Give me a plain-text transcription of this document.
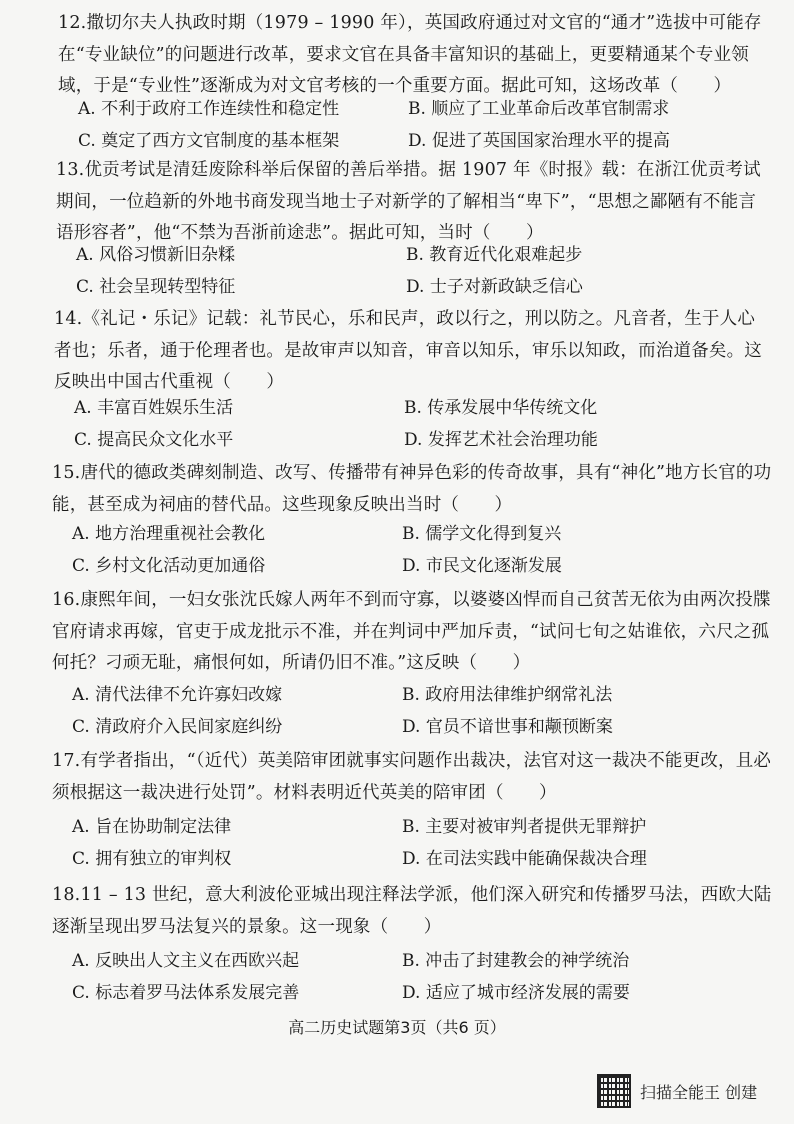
12.撒切尔夫人执政时期（1979 – 1990 年），英国政府通过对文官的“通才”选拔中可能存在“专业缺位”的问题进行改革，要求文官在具备丰富知识的基础上，更要精通某个专业领域，于是“专业性”逐渐成为对文官考核的一个重要方面。据此可知，这场改革（　　）
A. 不利于政府工作连续性和稳定性	B. 顺应了工业革命后改革官制需求
C. 奠定了西方文官制度的基本框架	D. 促进了英国国家治理水平的提高
13.优贡考试是清廷废除科举后保留的善后举措。据 1907 年《时报》载：在浙江优贡考试期间，一位趋新的外地书商发现当地士子对新学的了解相当“卑下”，“思想之鄙陋有不能言语形容者”，他“不禁为吾浙前途悲”。据此可知，当时（　　）
A. 风俗习惯新旧杂糅	B. 教育近代化艰难起步
C. 社会呈现转型特征	D. 士子对新政缺乏信心
14.《礼记・乐记》记载：礼节民心，乐和民声，政以行之，刑以防之。凡音者，生于人心者也；乐者，通于伦理者也。是故审声以知音，审音以知乐，审乐以知政，而治道备矣。这反映出中国古代重视（　　）
A. 丰富百姓娱乐生活	B. 传承发展中华传统文化
C. 提高民众文化水平	D. 发挥艺术社会治理功能
15.唐代的德政类碑刻制造、改写、传播带有神异色彩的传奇故事，具有“神化”地方长官的功能，甚至成为祠庙的替代品。这些现象反映出当时（　　）
A. 地方治理重视社会教化	B. 儒学文化得到复兴
C. 乡村文化活动更加通俗	D. 市民文化逐渐发展
16.康熙年间，一妇女张沈氏嫁人两年不到而守寡，以婆婆凶悍而自己贫苦无依为由两次投牒官府请求再嫁，官吏于成龙批示不准，并在判词中严加斥责，“试问七旬之姑谁依，六尺之孤何托？刁顽无耻，痛恨何如，所请仍旧不准。”这反映（　　）
A. 清代法律不允许寡妇改嫁	B. 政府用法律维护纲常礼法
C. 清政府介入民间家庭纠纷	D. 官员不谙世事和颟顸断案
17.有学者指出，“（近代）英美陪审团就事实问题作出裁决，法官对这一裁决不能更改，且必须根据这一裁决进行处罚”。材料表明近代英美的陪审团（　　）
A. 旨在协助制定法律	B. 主要对被审判者提供无罪辩护
C. 拥有独立的审判权	D. 在司法实践中能确保裁决合理
18.11 – 13 世纪，意大利波伦亚城出现注释法学派，他们深入研究和传播罗马法，西欧大陆逐渐呈现出罗马法复兴的景象。这一现象（　　）
A. 反映出人文主义在西欧兴起	B. 冲击了封建教会的神学统治
C. 标志着罗马法体系发展完善	D. 适应了城市经济发展的需要
高二历史试题第3页（共6 页）
扫描全能王 创建
